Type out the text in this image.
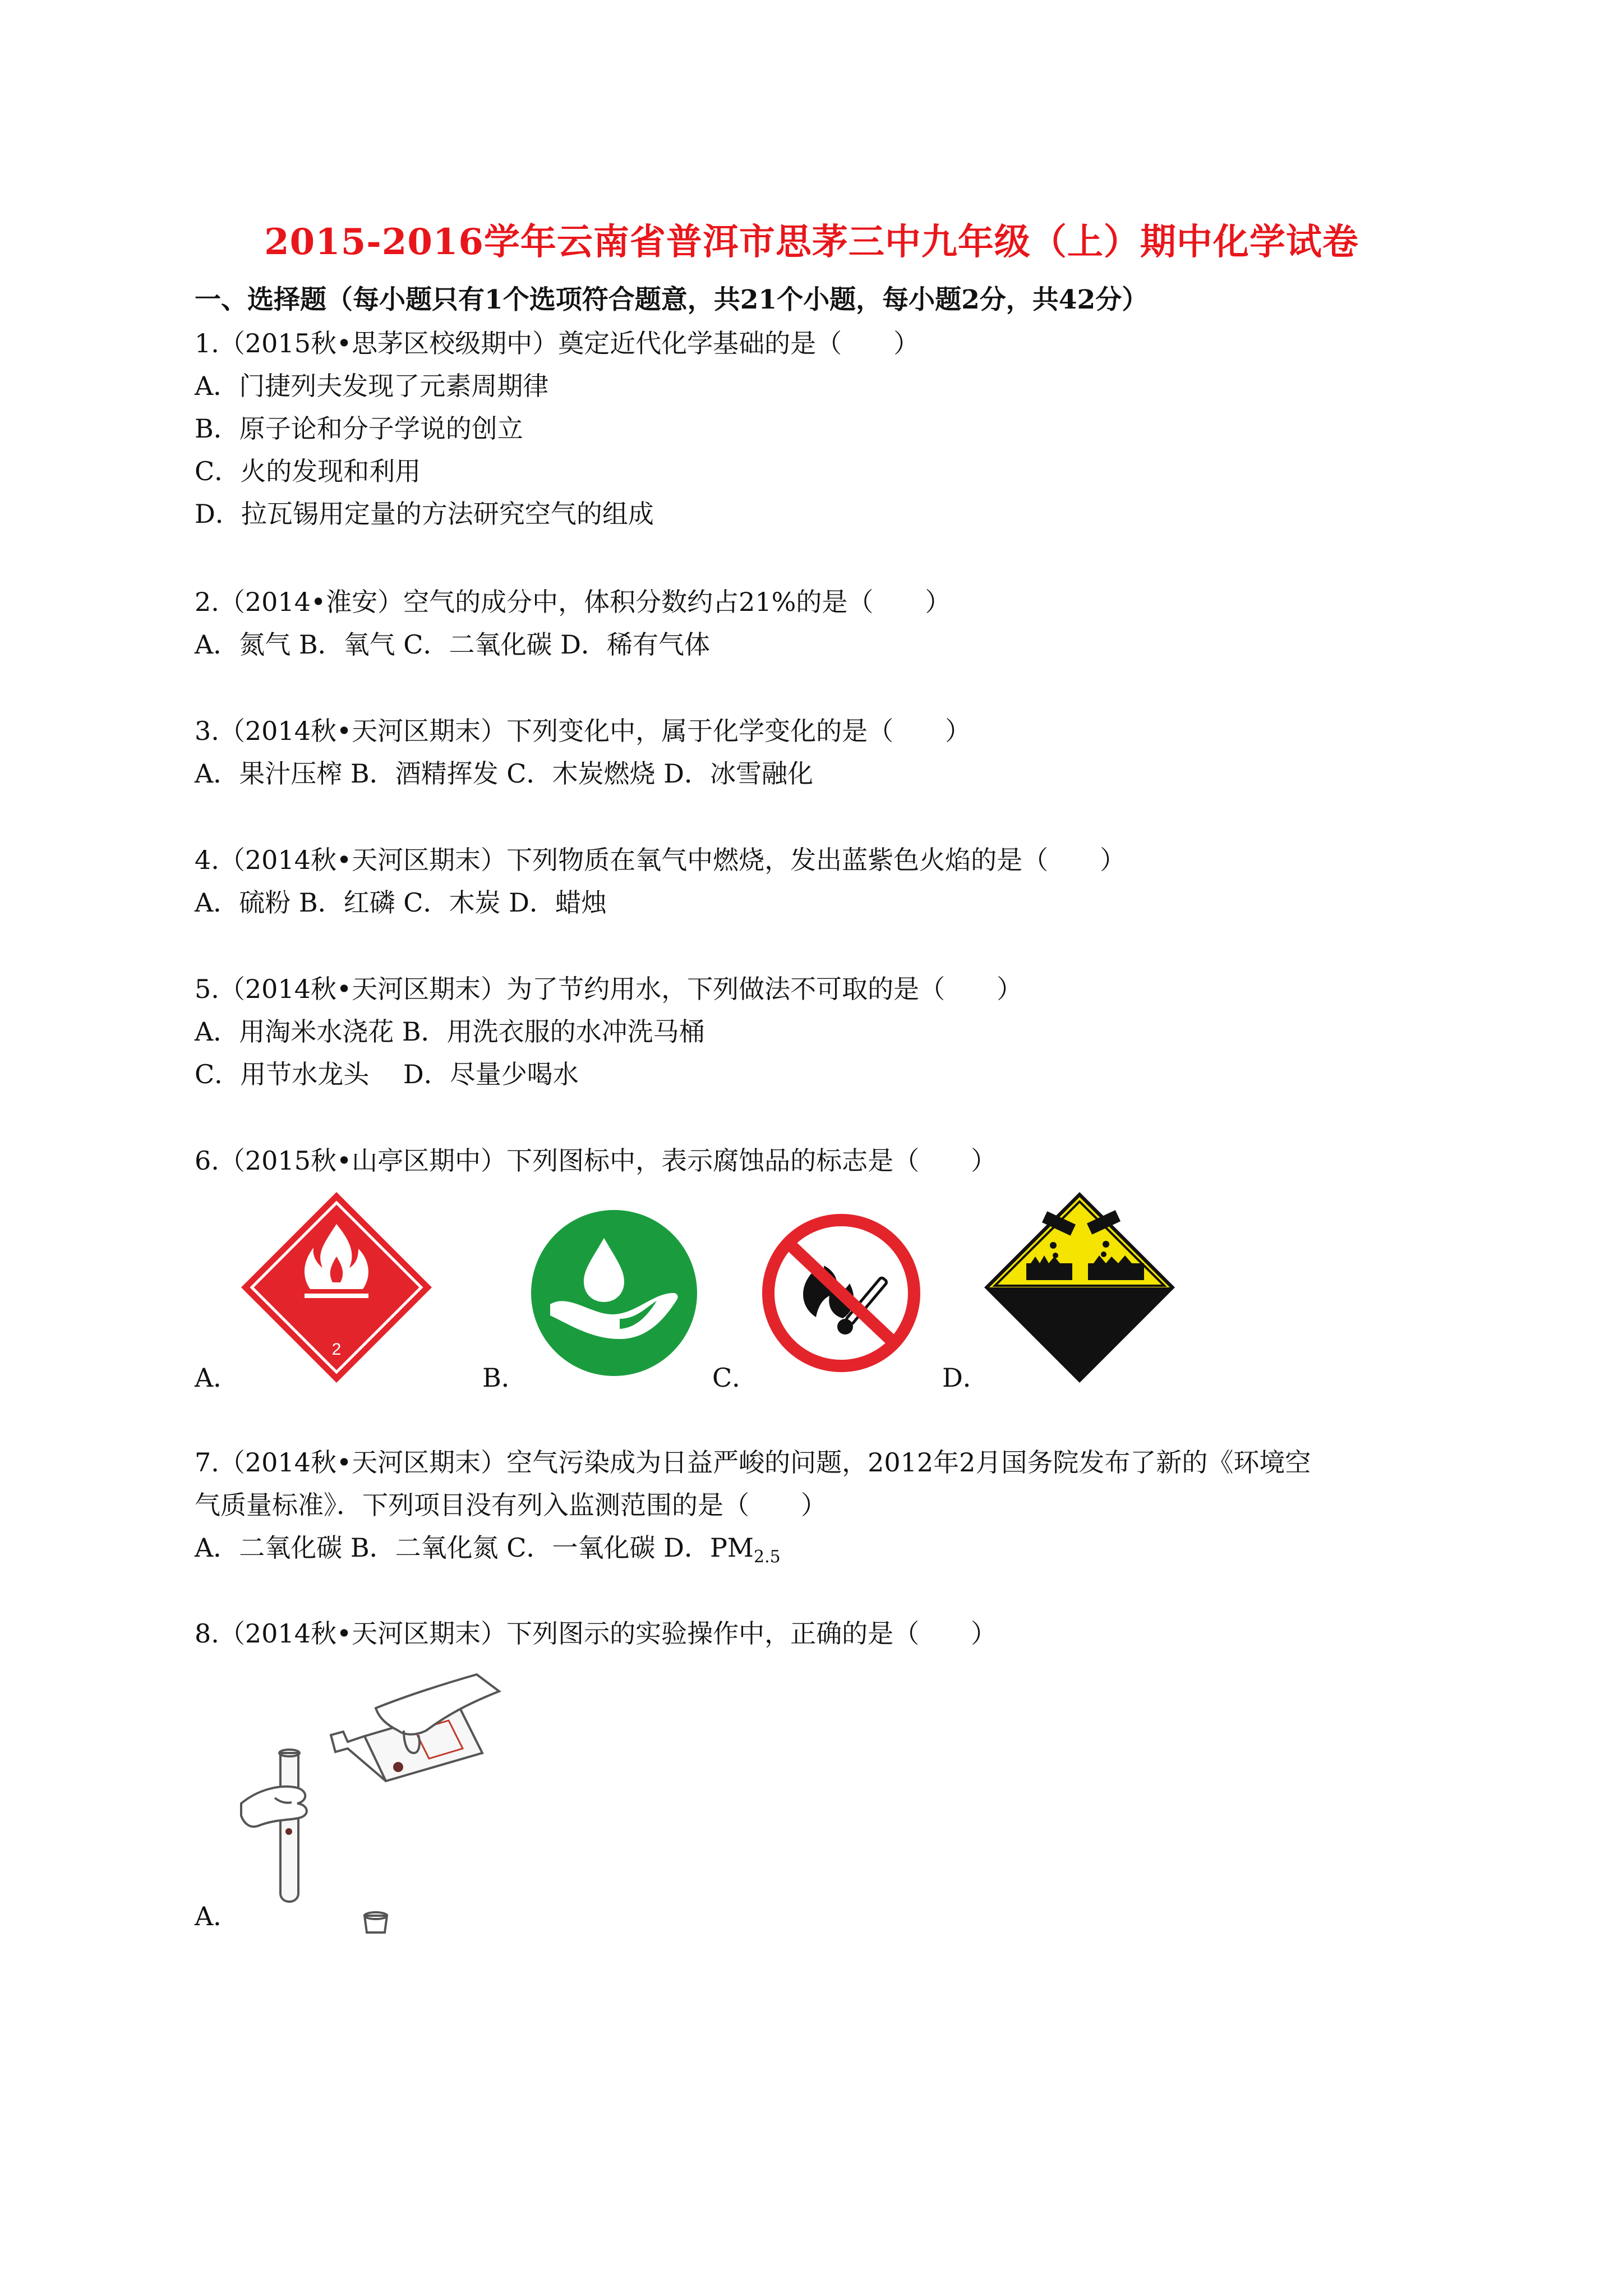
2015-2016学年云南省普洱市思茅三中九年级（上）期中化学试卷
一、选择题（每小题只有1个选项符合题意，共21个小题，每小题2分，共42分）
1.（2015秋•思茅区校级期中）奠定近代化学基础的是（　　）
A．门捷列夫发现了元素周期律
B．原子论和分子学说的创立
C．火的发现和利用
D．拉瓦锡用定量的方法研究空气的组成
2.（2014•淮安）空气的成分中，体积分数约占21%的是（　　）
A．氮气 B．氧气 C．二氧化碳 D．稀有气体
3.（2014秋•天河区期末）下列变化中，属于化学变化的是（　　）
A．果汁压榨 B．酒精挥发 C．木炭燃烧 D．冰雪融化
4.（2014秋•天河区期末）下列物质在氧气中燃烧，发出蓝紫色火焰的是（　　）
A．硫粉 B．红磷 C．木炭 D．蜡烛
5.（2014秋•天河区期末）为了节约用水，下列做法不可取的是（　　）
A．用淘米水浇花 B．用洗衣服的水冲洗马桶
C．用节水龙头　 D．尽量少喝水
6.（2015秋•山亭区期中）下列图标中，表示腐蚀品的标志是（　　）
2
A．	B．	C．	D．
7.（2014秋•天河区期末）空气污染成为日益严峻的问题，2012年2月国务院发布了新的《环境空
气质量标准》．下列项目没有列入监测范围的是（　　）
A．二氧化碳 B．二氧化氮 C．一氧化碳 D．$PM_{2.5}$
8.（2014秋•天河区期末）下列图示的实验操作中，正确的是（　　）
A．
